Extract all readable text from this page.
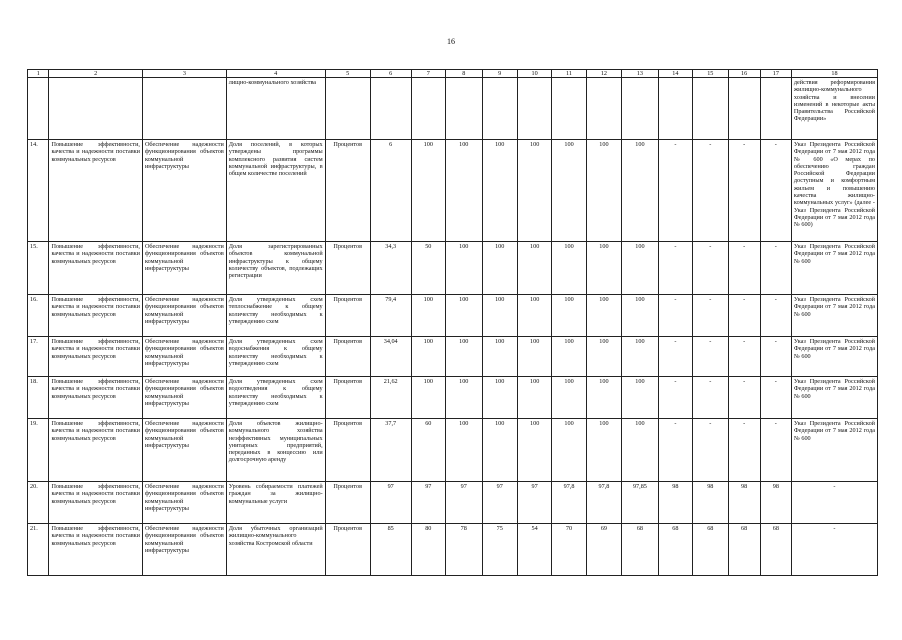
16
1	2	3	4	5	6	7	8	9	10	11	12	13	14	15	16	17	18
			лищно-коммунального хозяйства														действия реформирования жилищно-коммунального хозяйства и внесении изменений в некоторые акты Правительства Российской Федерации»
14.	Повышение эффективности, качества и надежности поставки коммунальных ресурсов	Обеспечение надежности функционирования объектов коммунальной инфраструктуры	Доля поселений, в которых утверждены программы комплексного развития систем коммунальной инфраструктуры, в общем количестве поселений	Процентов	6	100	100	100	100	100	100	100	-	-	-	-	Указ Президента Российской Федерации от 7 мая 2012 года № 600 «О мерах по обеспечению граждан Российской Федерации доступным и комфортным жильем и повышению качества жилищно-коммунальных услуг» (далее - Указ Президента Российской Федерации от 7 мая 2012 года № 600)
15.	Повышение эффективности, качества и надежности поставки коммунальных ресурсов	Обеспечение надежности функционирования объектов коммунальной инфраструктуры	Доля зарегистрированных объектов коммунальной инфраструктуры к общему количеству объектов, подлежащих регистрации	Процентов	34,3	50	100	100	100	100	100	100	-	-	-	-	Указ Президента Российской Федерации от 7 мая 2012 года № 600
16.	Повышение эффективности, качества и надежности поставки коммунальных ресурсов	Обеспечение надежности функционирования объектов коммунальной инфраструктуры	Доля утвержденных схем теплоснабжение к общему количеству необходимых к утверждению схем	Процентов	79,4	100	100	100	100	100	100	100	-	-	-	-	Указ Президента Российской Федерации от 7 мая 2012 года № 600
17.	Повышение эффективности, качества и надежности поставки коммунальных ресурсов	Обеспечение надежности функционирования объектов коммунальной инфраструктуры	Доля утвержденных схем водоснабжения к общему количеству необходимых к утверждению схем	Процентов	34,04	100	100	100	100	100	100	100	-	-	-	-	Указ Президента Российской Федерации от 7 мая 2012 года № 600
18.	Повышение эффективности, качества и надежности поставки коммунальных ресурсов	Обеспечение надежности функционирования объектов коммунальной инфраструктуры	Доля утвержденных схем водоотведения к общему количеству необходимых к утверждению схем	Процентов	21,62	100	100	100	100	100	100	100	-	-	-	-	Указ Президента Российской Федерации от 7 мая 2012 года № 600
19.	Повышение эффективности, качества и надежности поставки коммунальных ресурсов	Обеспечение надежности функционирования объектов коммунальной инфраструктуры	Доля объектов жилищно-коммунального хозяйства неэффективных муниципальных унитарных предприятий, переданных в концессию или долгосрочную аренду	Процентов	37,7	60	100	100	100	100	100	100	-	-	-	-	Указ Президента Российской Федерации от 7 мая 2012 года № 600
20.	Повышение эффективности, качества и надежности поставки коммунальных ресурсов	Обеспечение надежности функционирования объектов коммунальной инфраструктуры	Уровень собираемости платежей граждан за жилищно-коммунальные услуги	Процентов	97	97	97	97	97	97,8	97,8	97,85	98	98	98	98	-
21.	Повышение эффективности, качества и надежности поставки коммунальных ресурсов	Обеспечение надежности функционирования объектов коммунальной инфраструктуры	Доля убыточных организаций жилищно-коммунального хозяйства Костромской области	Процентов	85	80	78	75	54	70	69	68	68	68	68	68	-
